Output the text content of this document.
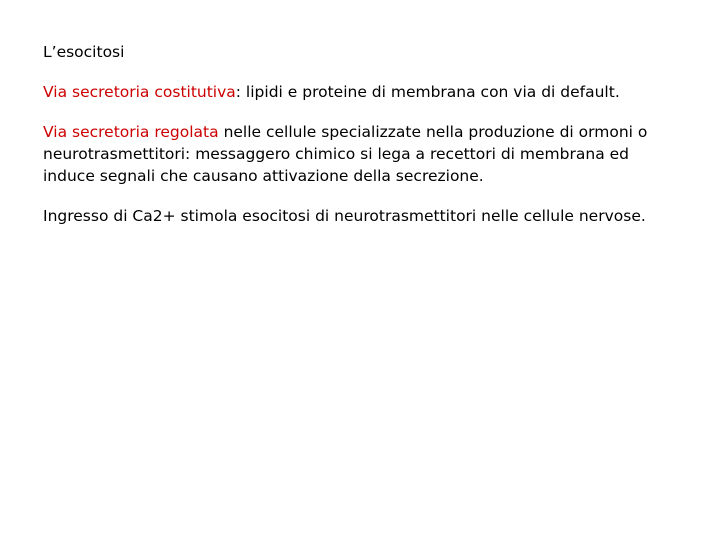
L’esocitosi

Via secretoria costitutiva: lipidi e proteine di membrana con via di default.

Via secretoria regolata nelle cellule specializzate nella produzione di ormoni o neurotrasmettitori: messaggero chimico si lega a recettori di membrana ed induce segnali che causano attivazione della secrezione.

Ingresso di Ca2+ stimola esocitosi di neurotrasmettitori nelle cellule nervose.
